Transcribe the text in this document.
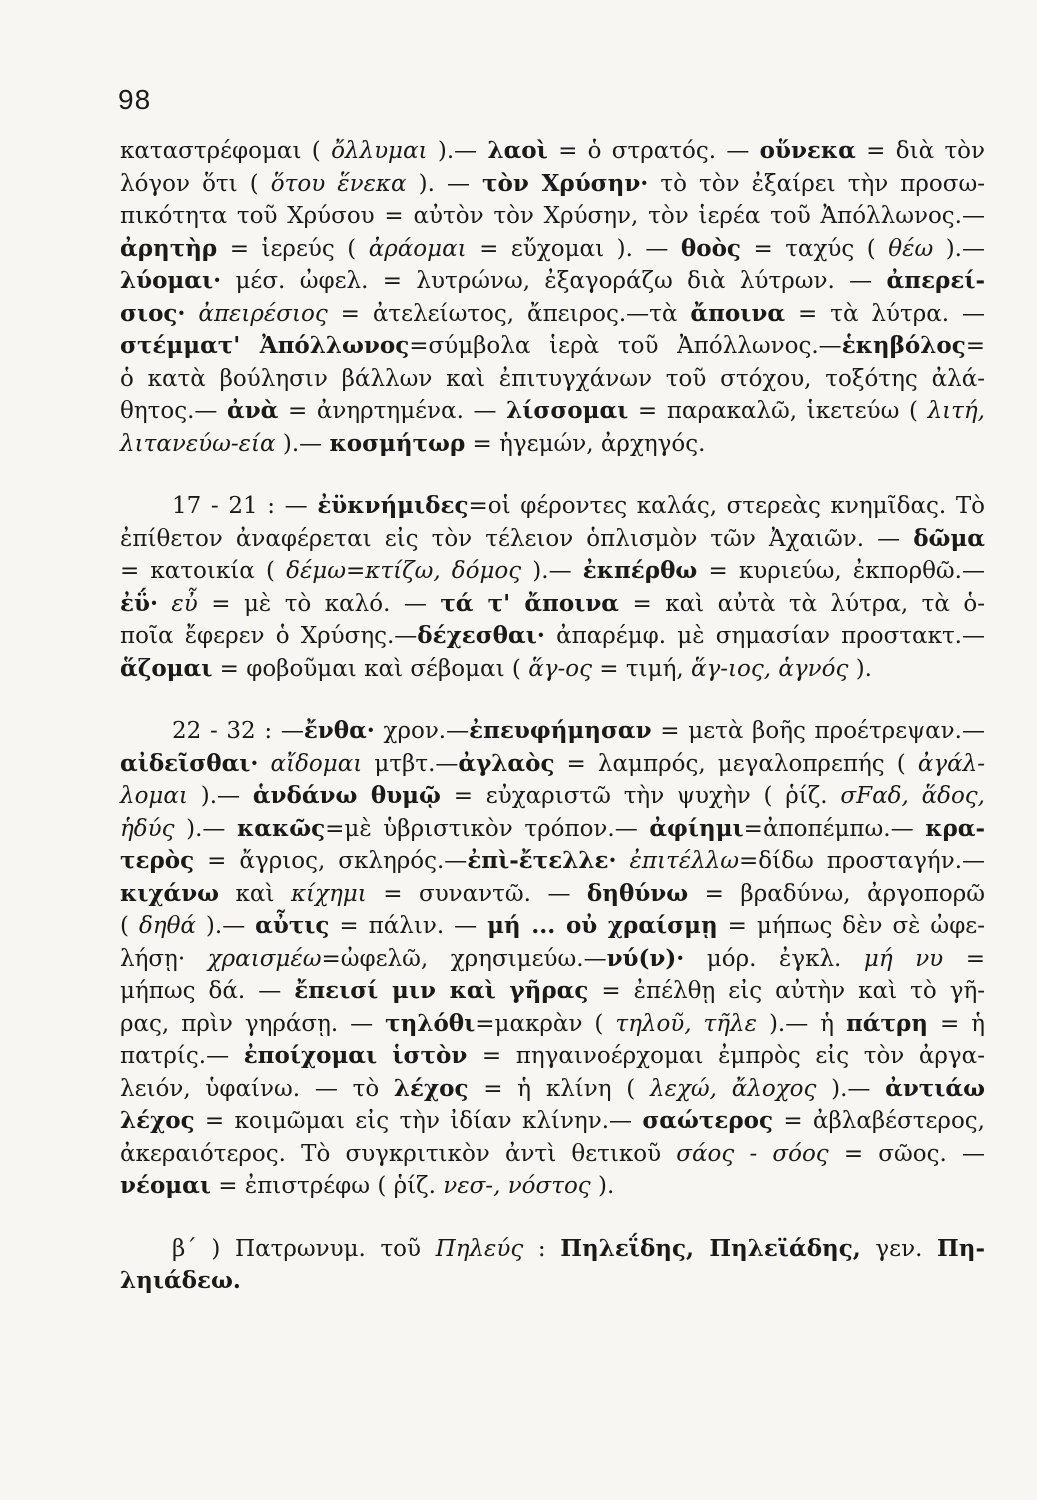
98

καταστρέφομαι ( ὄλλυμαι ).— λαοὶ = ὁ στρατός. — οὕνεκα = διὰ τὸν

λόγον ὅτι ( ὅτου ἕνεκα ). — τὸν Χρύσην· τὸ τὸν ἐξαίρει τὴν προσω-

πικότητα τοῦ Χρύσου = αὐτὸν τὸν Χρύσην, τὸν ἱερέα τοῦ Ἀπόλλωνος.—

ἀρητὴρ = ἱερεύς ( ἀράομαι = εὔχομαι ). — θοὸς = ταχύς ( θέω ).—

λύομαι· μέσ. ὠφελ. = λυτρώνω, ἐξαγοράζω διὰ λύτρων. — ἀπερεί-

σιος· ἀπειρέσιος = ἀτελείωτος, ἄπειρος.—τὰ ἄποινα = τὰ λύτρα. —

στέμματ' Ἀπόλλωνος=σύμβολα ἱερὰ τοῦ Ἀπόλλωνος.—ἑκηβόλος=

ὁ κατὰ βούλησιν βάλλων καὶ ἐπιτυγχάνων τοῦ στόχου, τοξότης ἀλά-

θητος.— ἀνὰ = ἀνηρτημένα. — λίσσομαι = παρακαλῶ, ἱκετεύω ( λιτή,

λιτανεύω-εία ).— κοσμήτωρ = ἡγεμών, ἀρχηγός.

17 - 21 : — ἐϋκνήμιδες=οἱ φέροντες καλάς, στερεὰς κνημῖδας. Τὸ

ἐπίθετον ἀναφέρεται εἰς τὸν τέλειον ὁπλισμὸν τῶν Ἀχαιῶν. — δῶμα

= κατοικία ( δέμω=κτίζω, δόμος ).— ἐκπέρθω = κυριεύω, ἐκπορθῶ.—

ἐΰ· εὖ = μὲ τὸ καλό. — τά τ' ἄποινα = καὶ αὐτὰ τὰ λύτρα, τὰ ὁ-

ποῖα ἔφερεν ὁ Χρύσης.—δέχεσθαι· ἀπαρέμφ. μὲ σημασίαν προστακτ.—

ἅζομαι = φοβοῦμαι καὶ σέβομαι ( ἅγ-ος = τιμή, ἅγ-ιος, ἁγνός ).

22 - 32 : —ἔνθα· χρον.—ἐπευφήμησαν = μετὰ βοῆς προέτρεψαν.—

αἰδεῖσθαι· αἴδομαι μτβτ.—ἀγλαὸς = λαμπρός, μεγαλοπρεπής ( ἀγάλ-

λομαι ).— ἁνδάνω θυμῷ = εὐχαριστῶ τὴν ψυχὴν ( ῥίζ. σFαδ, ἅδος,

ἡδύς ).— κακῶς=μὲ ὑβριστικὸν τρόπον.— ἀφίημι=ἀποπέμπω.— κρα-

τερὸς = ἄγριος, σκληρός.—ἐπὶ-ἔτελλε· ἐπιτέλλω=δίδω προσταγήν.—

κιχάνω καὶ κίχημι = συναντῶ. — δηθύνω = βραδύνω, ἀργοπορῶ

( δηθά ).— αὖτις = πάλιν. — μή ... οὐ χραίσμῃ = μήπως δὲν σὲ ὠφε-

λήσῃ· χραισμέω=ὠφελῶ, χρησιμεύω.—νύ(ν)· μόρ. ἐγκλ. μή νυ =

μήπως δά. — ἔπεισί μιν καὶ γῆρας = ἐπέλθῃ εἰς αὐτὴν καὶ τὸ γῆ-

ρας, πρὶν γηράσῃ. — τηλόθι=μακρὰν ( τηλοῦ, τῆλε ).— ἡ πάτρη = ἡ

πατρίς.— ἐποίχομαι ἱστὸν = πηγαινοέρχομαι ἐμπρὸς εἰς τὸν ἀργα-

λειόν, ὑφαίνω. — τὸ λέχος = ἡ κλίνη ( λεχώ, ἄλοχος ).— ἀντιάω

λέχος = κοιμῶμαι εἰς τὴν ἰδίαν κλίνην.— σαώτερος = ἀβλαβέστερος,

ἀκεραιότερος. Τὸ συγκριτικὸν ἀντὶ θετικοῦ σάος - σόος = σῶος. —

νέομαι = ἐπιστρέφω ( ῥίζ. νεσ-, νόστος ).

β΄ ) Πατρωνυμ. τοῦ Πηλεύς : Πηλεΐδης, Πηλεϊάδης, γεν. Πη-

ληιάδεω.
